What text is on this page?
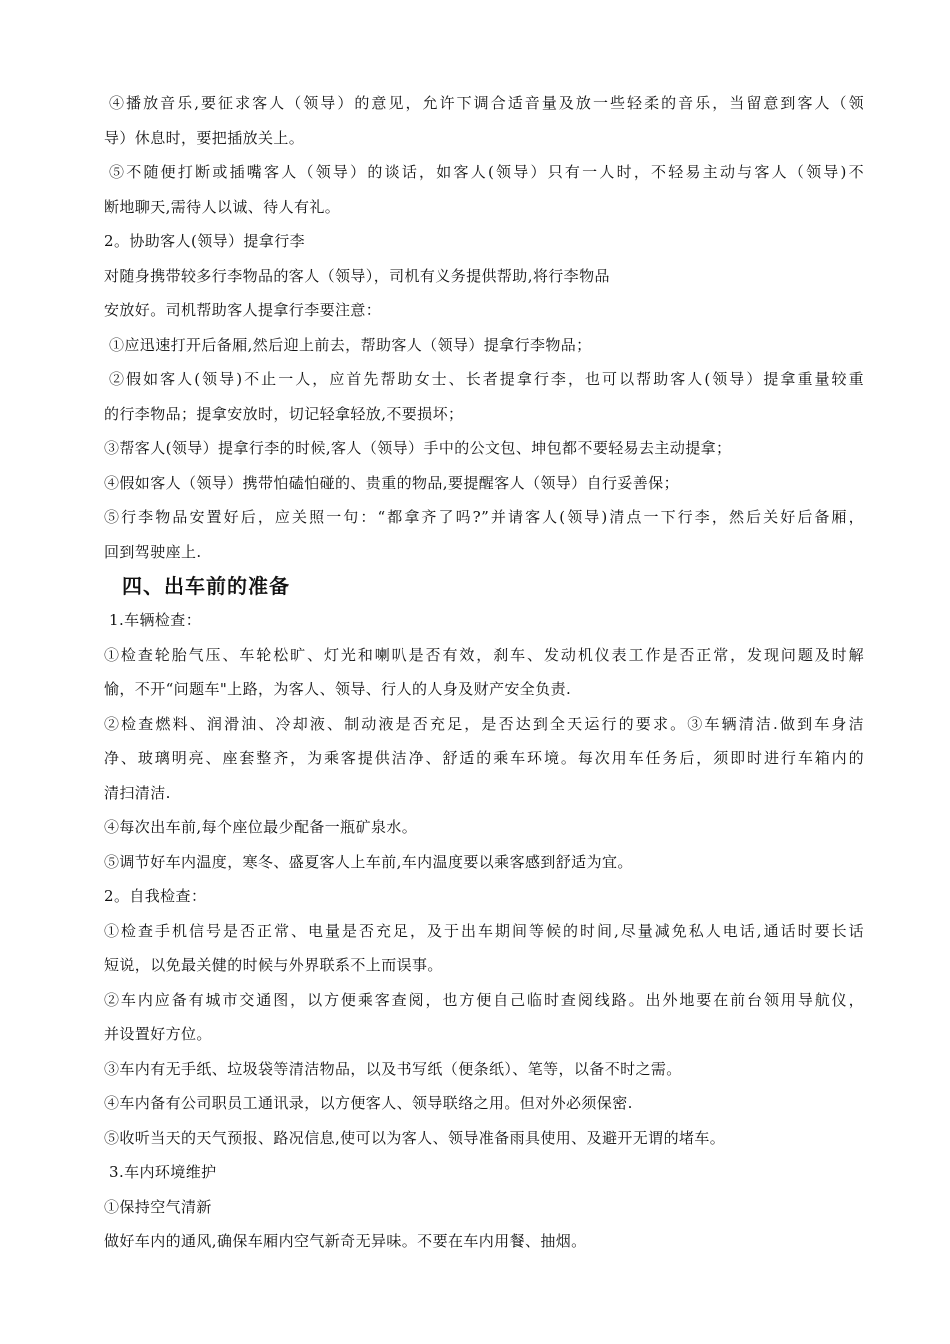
④播放音乐,要征求客人（领导）的意见，允许下调合适音量及放一些轻柔的音乐，当留意到客人（领
导）休息时，要把插放关上。
⑤不随便打断或插嘴客人（领导）的谈话，如客人(领导）只有一人时，不轻易主动与客人（领导)不
断地聊天,需待人以诚、待人有礼。
2。协助客人(领导）提拿行李
对随身携带较多行李物品的客人（领导），司机有义务提供帮助,将行李物品
安放好。司机帮助客人提拿行李要注意：
①应迅速打开后备厢,然后迎上前去，帮助客人（领导）提拿行李物品；
②假如客人(领导)不止一人，应首先帮助女士、长者提拿行李，也可以帮助客人(领导）提拿重量较重
的行李物品；提拿安放时，切记轻拿轻放,不要损坏；
③帮客人(领导）提拿行李的时候,客人（领导）手中的公文包、坤包都不要轻易去主动提拿；
④假如客人（领导）携带怕磕怕碰的、贵重的物品,要提醒客人（领导）自行妥善保；
⑤行李物品安置好后，应关照一句：“都拿齐了吗?”并请客人(领导)清点一下行李，然后关好后备厢，
回到驾驶座上.
四、出车前的准备
1.车辆检查：
①检查轮胎气压、车轮松旷、灯光和喇叭是否有效，刹车、发动机仪表工作是否正常，发现问题及时解
愉，不开“问题车"上路，为客人、领导、行人的人身及财产安全负责.
②检查燃料、润滑油、冷却液、制动液是否充足，是否达到全天运行的要求。③车辆清洁.做到车身洁
净、玻璃明亮、座套整齐，为乘客提供洁净、舒适的乘车环境。每次用车任务后，须即时进行车箱内的
清扫清洁.
④每次出车前,每个座位最少配备一瓶矿泉水。
⑤调节好车内温度，寒冬、盛夏客人上车前,车内温度要以乘客感到舒适为宜。
2。自我检查：
①检查手机信号是否正常、电量是否充足，及于出车期间等候的时间,尽量减免私人电话,通话时要长话
短说，以免最关健的时候与外界联系不上而误事。
②车内应备有城市交通图，以方便乘客查阅，也方便自己临时查阅线路。出外地要在前台领用导航仪，
并设置好方位。
③车内有无手纸、垃圾袋等清洁物品，以及书写纸（便条纸）、笔等，以备不时之需。
④车内备有公司职员工通讯录，以方便客人、领导联络之用。但对外必须保密.
⑤收听当天的天气预报、路况信息,使可以为客人、领导准备雨具使用、及避开无谓的堵车。
3.车内环境维护
①保持空气清新
做好车内的通风,确保车厢内空气新奇无异味。不要在车内用餐、抽烟。
